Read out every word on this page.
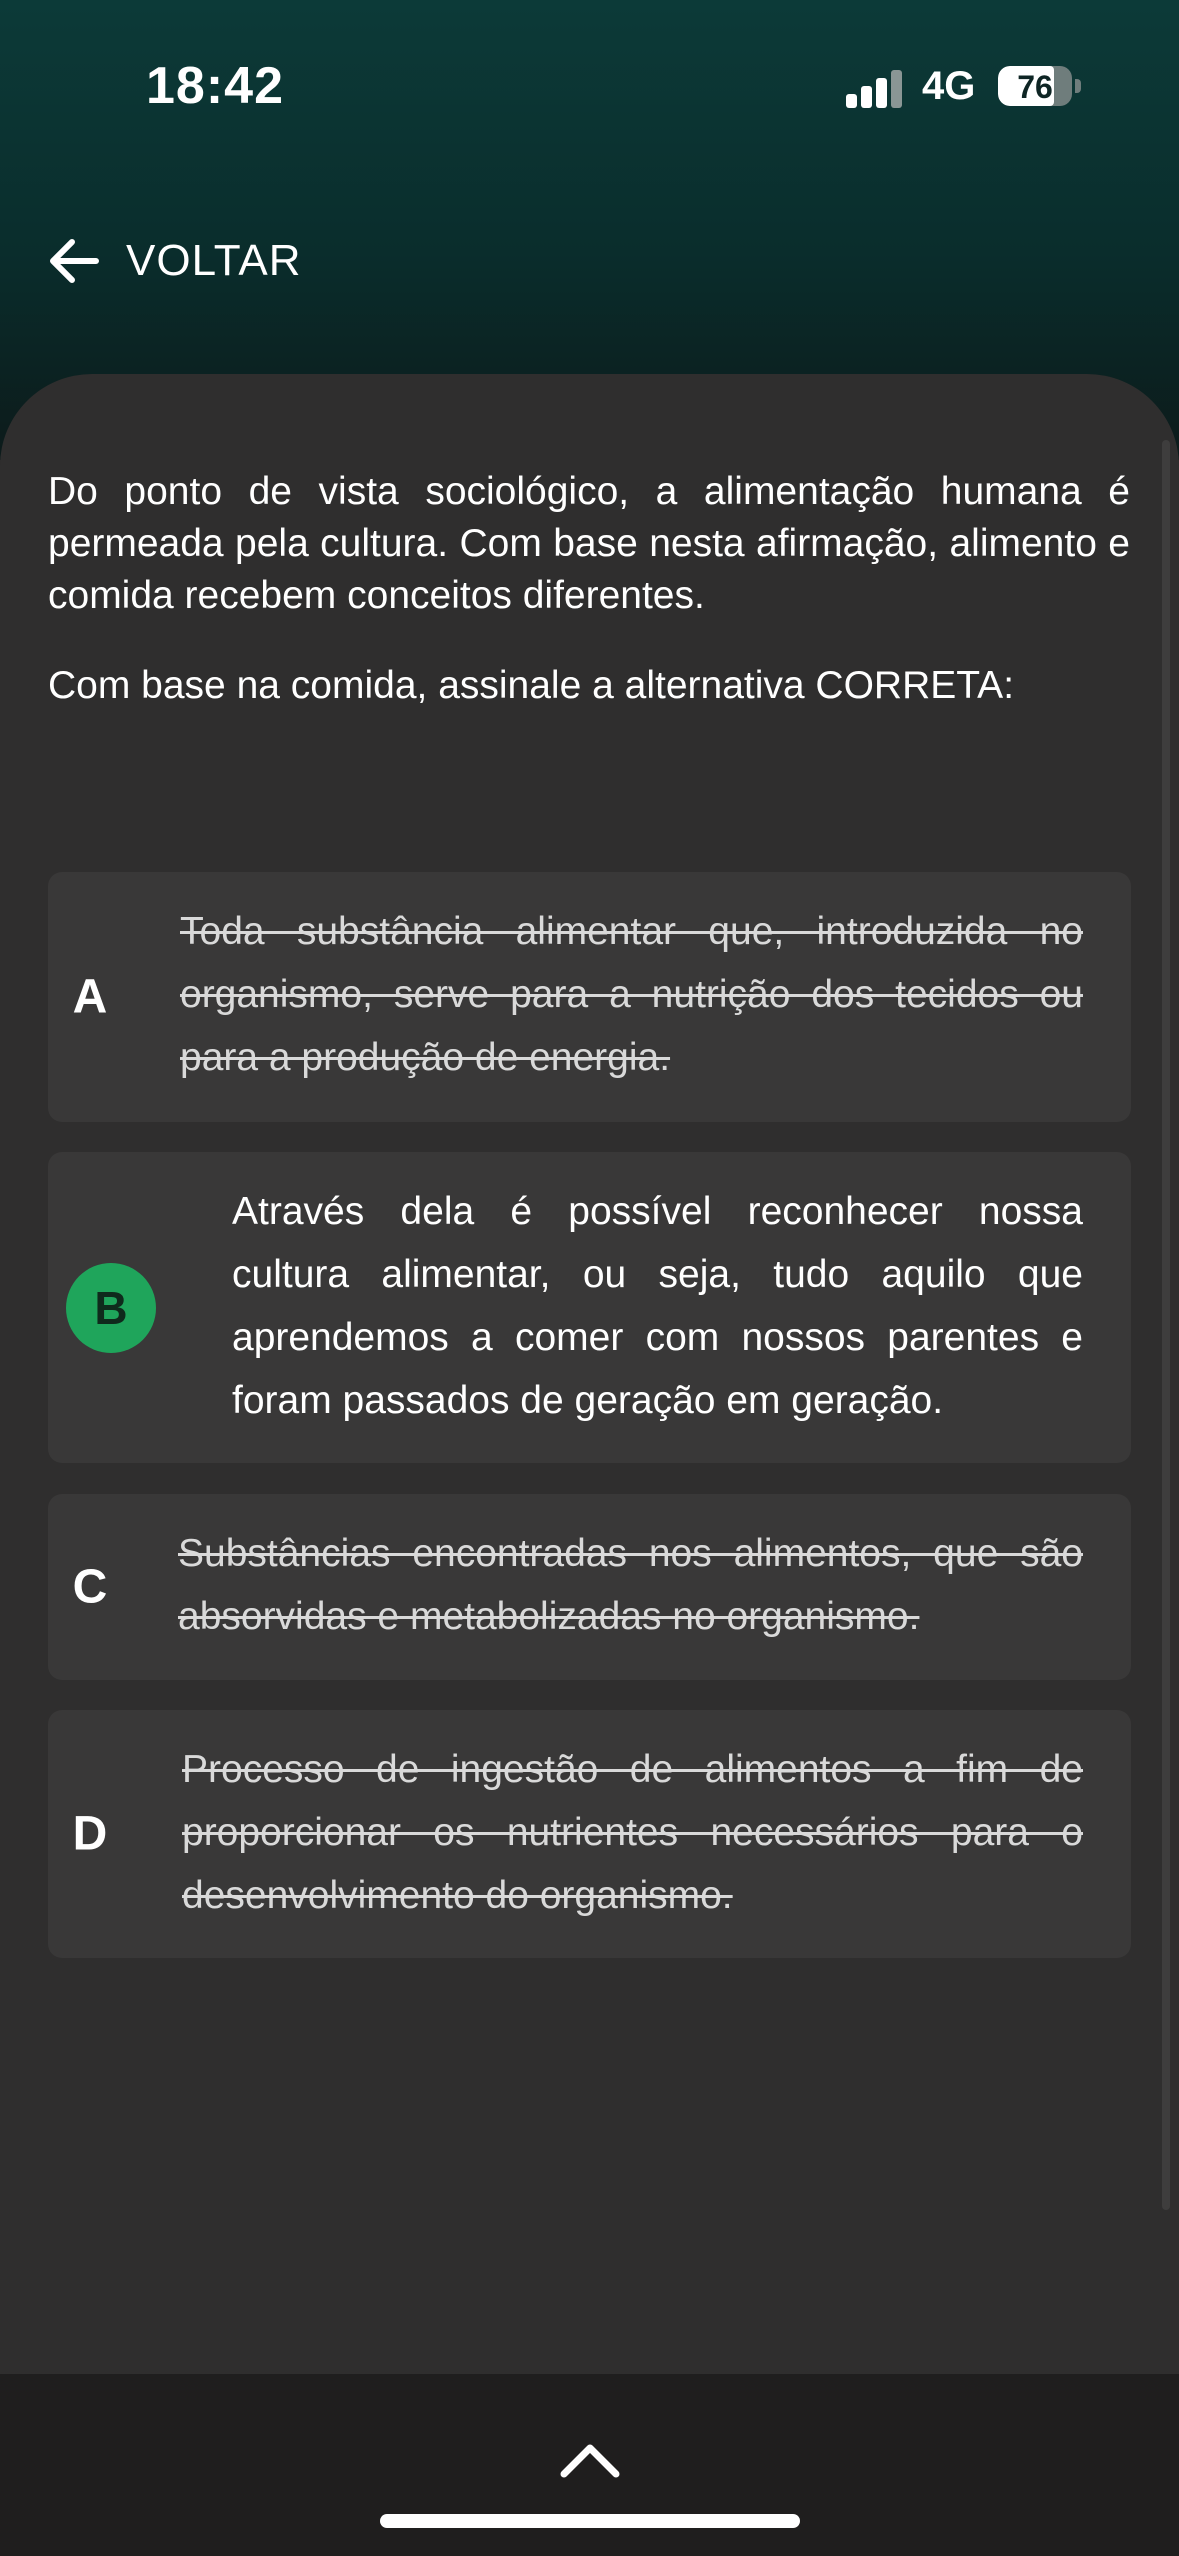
18:42	4G	76
VOLTAR

Do ponto de vista sociológico, a alimentação humana é permeada pela cultura. Com base nesta afirmação, alimento e comida recebem conceitos diferentes.

Com base na comida, assinale a alternativa CORRETA:

A

Toda substância alimentar que, introduzida no organismo, serve para a nutrição dos tecidos ou para a produção de energia.

B

Através dela é possível reconhecer nossa cultura alimentar, ou seja, tudo aquilo que aprendemos a comer com nossos parentes e foram passados de geração em geração.

C

Substâncias encontradas nos alimentos, que são absorvidas e metabolizadas no organismo.

D

Processo de ingestão de alimentos a fim de proporcionar os nutrientes necessários para o desenvolvimento do organismo.
